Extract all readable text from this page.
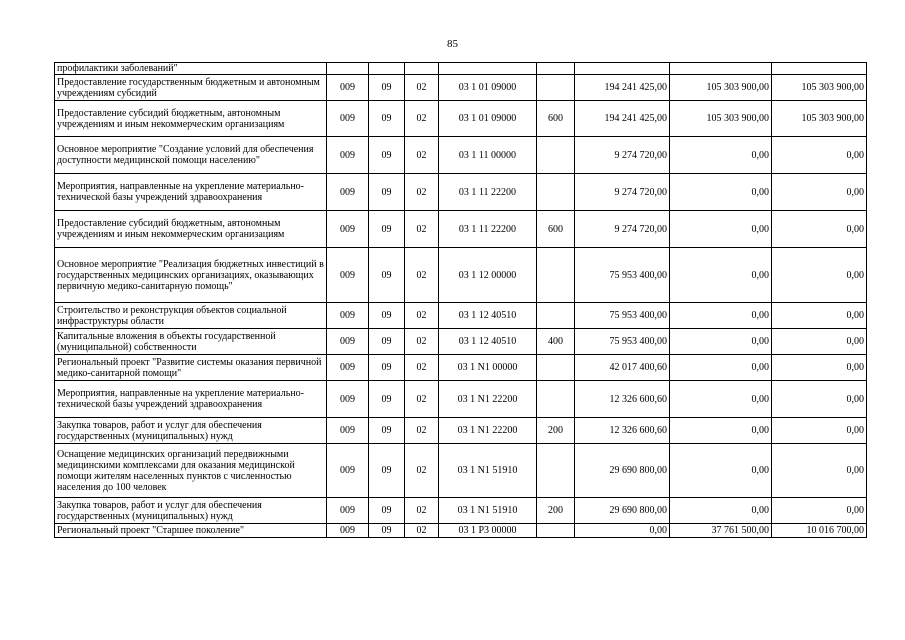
85
профилактики заболеваний"								
Предоставление государственным бюджетным и автономным учреждениям субсидий	009	09	02	03 1 01 09000		194 241 425,00	105 303 900,00	105 303 900,00
Предоставление субсидий бюджетным, автономным учреждениям и иным некоммерческим организациям	009	09	02	03 1 01 09000	600	194 241 425,00	105 303 900,00	105 303 900,00
Основное мероприятие "Создание условий для обеспечения доступности медицинской помощи населению"	009	09	02	03 1 11 00000		9 274 720,00	0,00	0,00
Мероприятия, направленные на укрепление материально-технической базы учреждений здравоохранения	009	09	02	03 1 11 22200		9 274 720,00	0,00	0,00
Предоставление субсидий бюджетным, автономным учреждениям и иным некоммерческим организациям	009	09	02	03 1 11 22200	600	9 274 720,00	0,00	0,00
Основное мероприятие "Реализация бюджетных инвестиций в государственных медицинских организациях, оказывающих первичную медико-санитарную помощь"	009	09	02	03 1 12 00000		75 953 400,00	0,00	0,00
Строительство и реконструкция объектов социальной инфраструктуры области	009	09	02	03 1 12 40510		75 953 400,00	0,00	0,00
Капитальные вложения в объекты государственной (муниципальной) собственности	009	09	02	03 1 12 40510	400	75 953 400,00	0,00	0,00
Региональный проект "Развитие системы оказания первичной медико-санитарной помощи"	009	09	02	03 1 N1 00000		42 017 400,60	0,00	0,00
Мероприятия, направленные на укрепление материально-технической базы учреждений здравоохранения	009	09	02	03 1 N1 22200		12 326 600,60	0,00	0,00
Закупка товаров, работ и услуг для обеспечения государственных (муниципальных) нужд	009	09	02	03 1 N1 22200	200	12 326 600,60	0,00	0,00
Оснащение медицинских организаций передвижными медицинскими комплексами для оказания медицинской помощи жителям населенных пунктов с численностью населения до 100 человек	009	09	02	03 1 N1 51910		29 690 800,00	0,00	0,00
Закупка товаров, работ и услуг для обеспечения государственных (муниципальных) нужд	009	09	02	03 1 N1 51910	200	29 690 800,00	0,00	0,00
Региональный проект "Старшее поколение"	009	09	02	03 1 P3 00000		0,00	37 761 500,00	10 016 700,00
